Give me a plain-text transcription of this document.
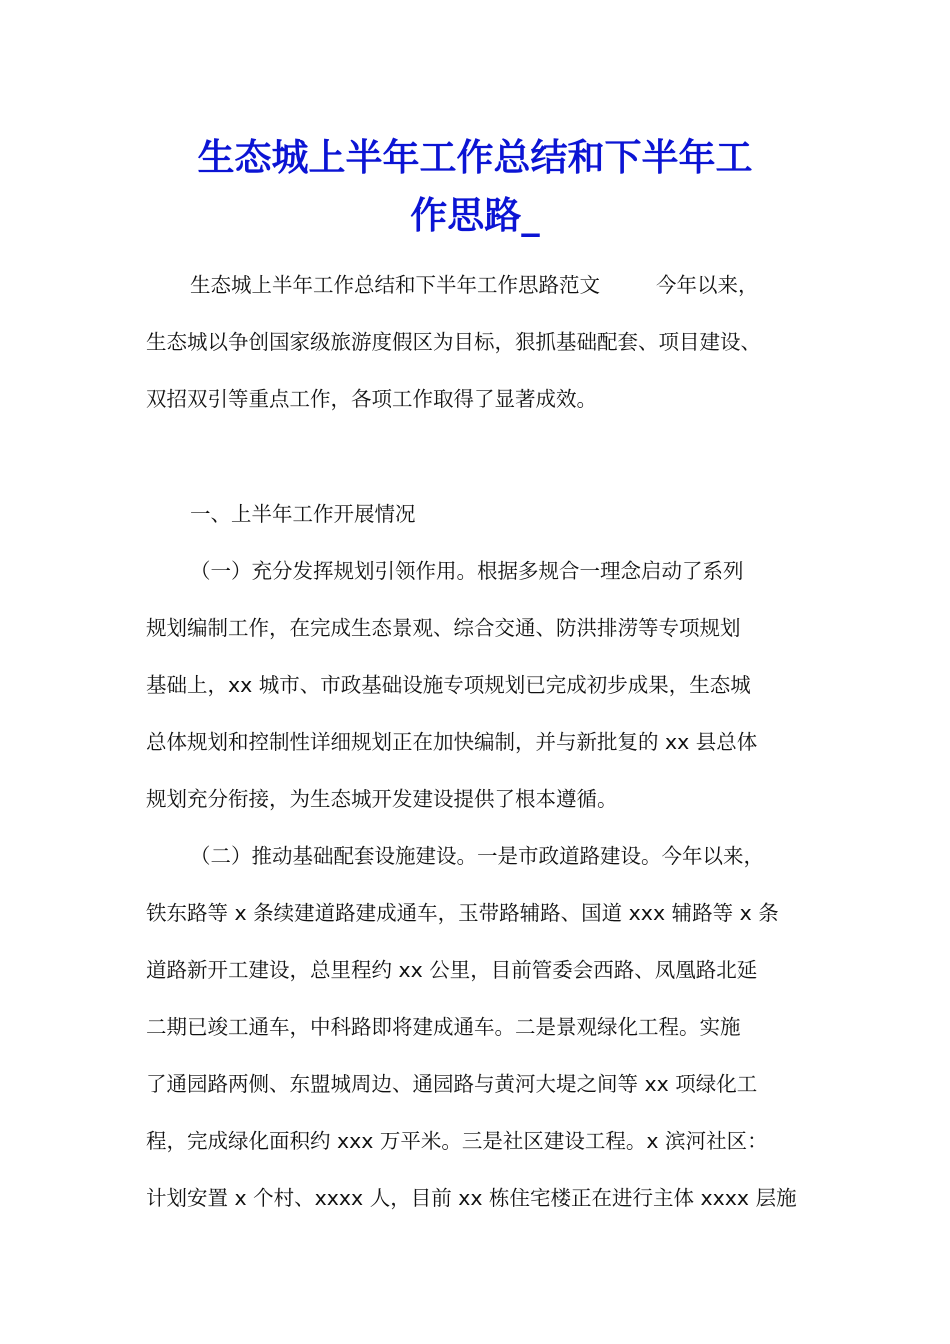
生态城上半年工作总结和下半年工
作思路_
生态城上半年工作总结和下半年工作思路范文	今年以来，
生态城以争创国家级旅游度假区为目标，狠抓基础配套、项目建设、
双招双引等重点工作，各项工作取得了显著成效。
一、上半年工作开展情况
（一）充分发挥规划引领作用。根据多规合一理念启动了系列
规划编制工作，在完成生态景观、综合交通、防洪排涝等专项规划
基础上，xx 城市、市政基础设施专项规划已完成初步成果，生态城
总体规划和控制性详细规划正在加快编制，并与新批复的 xx 县总体
规划充分衔接，为生态城开发建设提供了根本遵循。
（二）推动基础配套设施建设。一是市政道路建设。今年以来，
铁东路等 x 条续建道路建成通车，玉带路辅路、国道 xxx 辅路等 x 条
道路新开工建设，总里程约 xx 公里，目前管委会西路、凤凰路北延
二期已竣工通车，中科路即将建成通车。二是景观绿化工程。实施
了通园路两侧、东盟城周边、通园路与黄河大堤之间等 xx 项绿化工
程，完成绿化面积约 xxx 万平米。三是社区建设工程。x 滨河社区：
计划安置 x 个村、xxxx 人，目前 xx 栋住宅楼正在进行主体 xxxx 层施
